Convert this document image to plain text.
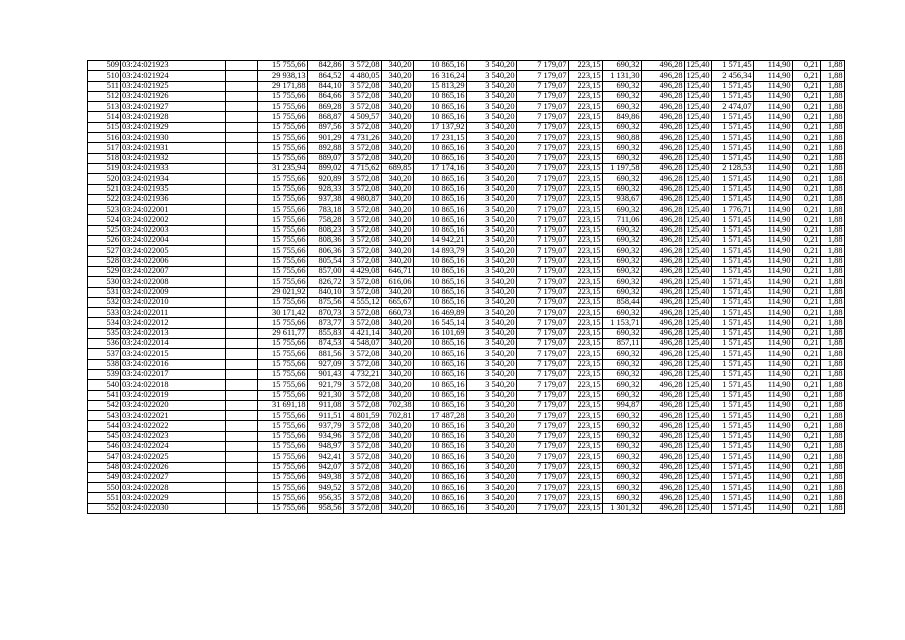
509	03:24:021923		15 755,66	842,86	3 572,08	340,20	10 865,16	3 540,20	7 179,07	223,15	690,32	496,28	125,40	1 571,45	114,90	0,21	1,88
510	03:24:021924		29 938,13	864,52	4 480,05	340,20	16 316,24	3 540,20	7 179,07	223,15	1 131,30	496,28	125,40	2 456,34	114,90	0,21	1,88
511	03:24:021925		29 171,88	844,10	3 572,08	340,20	15 813,29	3 540,20	7 179,07	223,15	690,32	496,28	125,40	1 571,45	114,90	0,21	1,88
512	03:24:021926		15 755,66	864,66	3 572,08	340,20	10 865,16	3 540,20	7 179,07	223,15	690,32	496,28	125,40	1 571,45	114,90	0,21	1,88
513	03:24:021927		15 755,66	869,28	3 572,08	340,20	10 865,16	3 540,20	7 179,07	223,15	690,32	496,28	125,40	2 474,07	114,90	0,21	1,88
514	03:24:021928		15 755,66	868,87	4 509,57	340,20	10 865,16	3 540,20	7 179,07	223,15	849,86	496,28	125,40	1 571,45	114,90	0,21	1,88
515	03:24:021929		15 755,66	897,56	3 572,08	340,20	17 137,92	3 540,20	7 179,07	223,15	690,32	496,28	125,40	1 571,45	114,90	0,21	1,88
516	03:24:021930		15 755,66	901,29	4 731,26	340,20	17 231,15	3 540,20	7 179,07	223,15	980,88	496,28	125,40	1 571,45	114,90	0,21	1,88
517	03:24:021931		15 755,66	892,88	3 572,08	340,20	10 865,16	3 540,20	7 179,07	223,15	690,32	496,28	125,40	1 571,45	114,90	0,21	1,88
518	03:24:021932		15 755,66	889,07	3 572,08	340,20	10 865,16	3 540,20	7 179,07	223,15	690,32	496,28	125,40	1 571,45	114,90	0,21	1,88
519	03:24:021933		31 235,94	899,02	4 715,62	689,85	17 174,16	3 540,20	7 179,07	223,15	1 197,58	496,28	125,40	2 128,53	114,90	0,21	1,88
520	03:24:021934		15 755,66	920,89	3 572,08	340,20	10 865,16	3 540,20	7 179,07	223,15	690,32	496,28	125,40	1 571,45	114,90	0,21	1,88
521	03:24:021935		15 755,66	928,33	3 572,08	340,20	10 865,16	3 540,20	7 179,07	223,15	690,32	496,28	125,40	1 571,45	114,90	0,21	1,88
522	03:24:021936		15 755,66	937,38	4 980,87	340,20	10 865,16	3 540,20	7 179,07	223,15	938,67	496,28	125,40	1 571,45	114,90	0,21	1,88
523	03:24:022001		15 755,66	783,18	3 572,08	340,20	10 865,16	3 540,20	7 179,07	223,15	690,32	496,28	125,40	1 776,71	114,90	0,21	1,88
524	03:24:022002		15 755,66	758,28	3 572,08	340,20	10 865,16	3 540,20	7 179,07	223,15	711,06	496,28	125,40	1 571,45	114,90	0,21	1,88
525	03:24:022003		15 755,66	808,23	3 572,08	340,20	10 865,16	3 540,20	7 179,07	223,15	690,32	496,28	125,40	1 571,45	114,90	0,21	1,88
526	03:24:022004		15 755,66	808,36	3 572,08	340,20	14 942,21	3 540,20	7 179,07	223,15	690,32	496,28	125,40	1 571,45	114,90	0,21	1,88
527	03:24:022005		15 755,66	806,36	3 572,08	340,20	14 893,79	3 540,20	7 179,07	223,15	690,32	496,28	125,40	1 571,45	114,90	0,21	1,88
528	03:24:022006		15 755,66	805,54	3 572,08	340,20	10 865,16	3 540,20	7 179,07	223,15	690,32	496,28	125,40	1 571,45	114,90	0,21	1,88
529	03:24:022007		15 755,66	857,00	4 429,08	646,71	10 865,16	3 540,20	7 179,07	223,15	690,32	496,28	125,40	1 571,45	114,90	0,21	1,88
530	03:24:022008		15 755,66	826,72	3 572,08	616,06	10 865,16	3 540,20	7 179,07	223,15	690,32	496,28	125,40	1 571,45	114,90	0,21	1,88
531	03:24:022009		29 021,92	840,10	3 572,08	340,20	10 865,16	3 540,20	7 179,07	223,15	690,32	496,28	125,40	1 571,45	114,90	0,21	1,88
532	03:24:022010		15 755,66	875,56	4 555,12	665,67	10 865,16	3 540,20	7 179,07	223,15	858,44	496,28	125,40	1 571,45	114,90	0,21	1,88
533	03:24:022011		30 171,42	870,73	3 572,08	660,73	16 469,89	3 540,20	7 179,07	223,15	690,32	496,28	125,40	1 571,45	114,90	0,21	1,88
534	03:24:022012		15 755,66	873,77	3 572,08	340,20	16 545,14	3 540,20	7 179,07	223,15	1 153,71	496,28	125,40	1 571,45	114,90	0,21	1,88
535	03:24:022013		29 611,77	855,83	4 421,14	340,20	16 101,69	3 540,20	7 179,07	223,15	690,32	496,28	125,40	1 571,45	114,90	0,21	1,88
536	03:24:022014		15 755,66	874,53	4 548,07	340,20	10 865,16	3 540,20	7 179,07	223,15	857,11	496,28	125,40	1 571,45	114,90	0,21	1,88
537	03:24:022015		15 755,66	881,56	3 572,08	340,20	10 865,16	3 540,20	7 179,07	223,15	690,32	496,28	125,40	1 571,45	114,90	0,21	1,88
538	03:24:022016		15 755,66	927,09	3 572,08	340,20	10 865,16	3 540,20	7 179,07	223,15	690,32	496,28	125,40	1 571,45	114,90	0,21	1,88
539	03:24:022017		15 755,66	901,43	4 732,21	340,20	10 865,16	3 540,20	7 179,07	223,15	690,32	496,28	125,40	1 571,45	114,90	0,21	1,88
540	03:24:022018		15 755,66	921,79	3 572,08	340,20	10 865,16	3 540,20	7 179,07	223,15	690,32	496,28	125,40	1 571,45	114,90	0,21	1,88
541	03:24:022019		15 755,66	921,30	3 572,08	340,20	10 865,16	3 540,20	7 179,07	223,15	690,32	496,28	125,40	1 571,45	114,90	0,21	1,88
542	03:24:022020		31 691,18	911,08	3 572,08	702,38	10 865,16	3 540,20	7 179,07	223,15	994,87	496,28	125,40	1 571,45	114,90	0,21	1,88
543	03:24:022021		15 755,66	911,51	4 801,59	702,81	17 487,28	3 540,20	7 179,07	223,15	690,32	496,28	125,40	1 571,45	114,90	0,21	1,88
544	03:24:022022		15 755,66	937,79	3 572,08	340,20	10 865,16	3 540,20	7 179,07	223,15	690,32	496,28	125,40	1 571,45	114,90	0,21	1,88
545	03:24:022023		15 755,66	934,96	3 572,08	340,20	10 865,16	3 540,20	7 179,07	223,15	690,32	496,28	125,40	1 571,45	114,90	0,21	1,88
546	03:24:022024		15 755,66	948,97	3 572,08	340,20	10 865,16	3 540,20	7 179,07	223,15	690,32	496,28	125,40	1 571,45	114,90	0,21	1,88
547	03:24:022025		15 755,66	942,41	3 572,08	340,20	10 865,16	3 540,20	7 179,07	223,15	690,32	496,28	125,40	1 571,45	114,90	0,21	1,88
548	03:24:022026		15 755,66	942,07	3 572,08	340,20	10 865,16	3 540,20	7 179,07	223,15	690,32	496,28	125,40	1 571,45	114,90	0,21	1,88
549	03:24:022027		15 755,66	949,38	3 572,08	340,20	10 865,16	3 540,20	7 179,07	223,15	690,32	496,28	125,40	1 571,45	114,90	0,21	1,88
550	03:24:022028		15 755,66	949,52	3 572,08	340,20	10 865,16	3 540,20	7 179,07	223,15	690,32	496,28	125,40	1 571,45	114,90	0,21	1,88
551	03:24:022029		15 755,66	956,35	3 572,08	340,20	10 865,16	3 540,20	7 179,07	223,15	690,32	496,28	125,40	1 571,45	114,90	0,21	1,88
552	03:24:022030		15 755,66	958,56	3 572,08	340,20	10 865,16	3 540,20	7 179,07	223,15	1 301,32	496,28	125,40	1 571,45	114,90	0,21	1,88
